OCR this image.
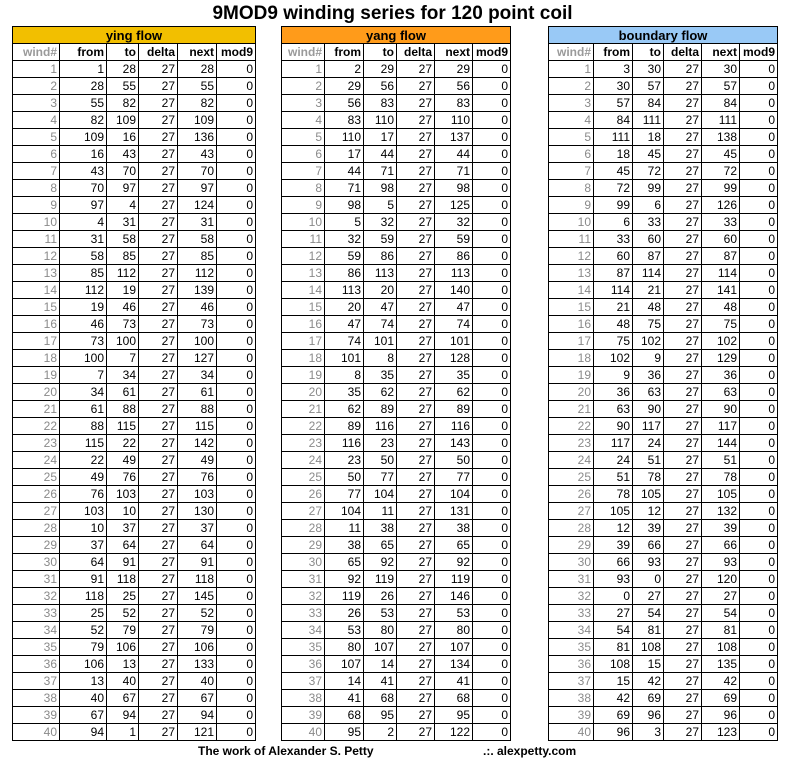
9MOD9 winding series for 120 point coil
ying flow					
wind#	from	to	delta	next	mod9
1	1	28	27	28	0
2	28	55	27	55	0
3	55	82	27	82	0
4	82	109	27	109	0
5	109	16	27	136	0
6	16	43	27	43	0
7	43	70	27	70	0
8	70	97	27	97	0
9	97	4	27	124	0
10	4	31	27	31	0
11	31	58	27	58	0
12	58	85	27	85	0
13	85	112	27	112	0
14	112	19	27	139	0
15	19	46	27	46	0
16	46	73	27	73	0
17	73	100	27	100	0
18	100	7	27	127	0
19	7	34	27	34	0
20	34	61	27	61	0
21	61	88	27	88	0
22	88	115	27	115	0
23	115	22	27	142	0
24	22	49	27	49	0
25	49	76	27	76	0
26	76	103	27	103	0
27	103	10	27	130	0
28	10	37	27	37	0
29	37	64	27	64	0
30	64	91	27	91	0
31	91	118	27	118	0
32	118	25	27	145	0
33	25	52	27	52	0
34	52	79	27	79	0
35	79	106	27	106	0
36	106	13	27	133	0
37	13	40	27	40	0
38	40	67	27	67	0
39	67	94	27	94	0
40	94	1	27	121	0
yang flow					
wind#	from	to	delta	next	mod9
1	2	29	27	29	0
2	29	56	27	56	0
3	56	83	27	83	0
4	83	110	27	110	0
5	110	17	27	137	0
6	17	44	27	44	0
7	44	71	27	71	0
8	71	98	27	98	0
9	98	5	27	125	0
10	5	32	27	32	0
11	32	59	27	59	0
12	59	86	27	86	0
13	86	113	27	113	0
14	113	20	27	140	0
15	20	47	27	47	0
16	47	74	27	74	0
17	74	101	27	101	0
18	101	8	27	128	0
19	8	35	27	35	0
20	35	62	27	62	0
21	62	89	27	89	0
22	89	116	27	116	0
23	116	23	27	143	0
24	23	50	27	50	0
25	50	77	27	77	0
26	77	104	27	104	0
27	104	11	27	131	0
28	11	38	27	38	0
29	38	65	27	65	0
30	65	92	27	92	0
31	92	119	27	119	0
32	119	26	27	146	0
33	26	53	27	53	0
34	53	80	27	80	0
35	80	107	27	107	0
36	107	14	27	134	0
37	14	41	27	41	0
38	41	68	27	68	0
39	68	95	27	95	0
40	95	2	27	122	0
boundary flow					
wind#	from	to	delta	next	mod9
1	3	30	27	30	0
2	30	57	27	57	0
3	57	84	27	84	0
4	84	111	27	111	0
5	111	18	27	138	0
6	18	45	27	45	0
7	45	72	27	72	0
8	72	99	27	99	0
9	99	6	27	126	0
10	6	33	27	33	0
11	33	60	27	60	0
12	60	87	27	87	0
13	87	114	27	114	0
14	114	21	27	141	0
15	21	48	27	48	0
16	48	75	27	75	0
17	75	102	27	102	0
18	102	9	27	129	0
19	9	36	27	36	0
20	36	63	27	63	0
21	63	90	27	90	0
22	90	117	27	117	0
23	117	24	27	144	0
24	24	51	27	51	0
25	51	78	27	78	0
26	78	105	27	105	0
27	105	12	27	132	0
28	12	39	27	39	0
29	39	66	27	66	0
30	66	93	27	93	0
31	93	0	27	120	0
32	0	27	27	27	0
33	27	54	27	54	0
34	54	81	27	81	0
35	81	108	27	108	0
36	108	15	27	135	0
37	15	42	27	42	0
38	42	69	27	69	0
39	69	96	27	96	0
40	96	3	27	123	0
The work of Alexander S. Petty	.:. alexpetty.com
